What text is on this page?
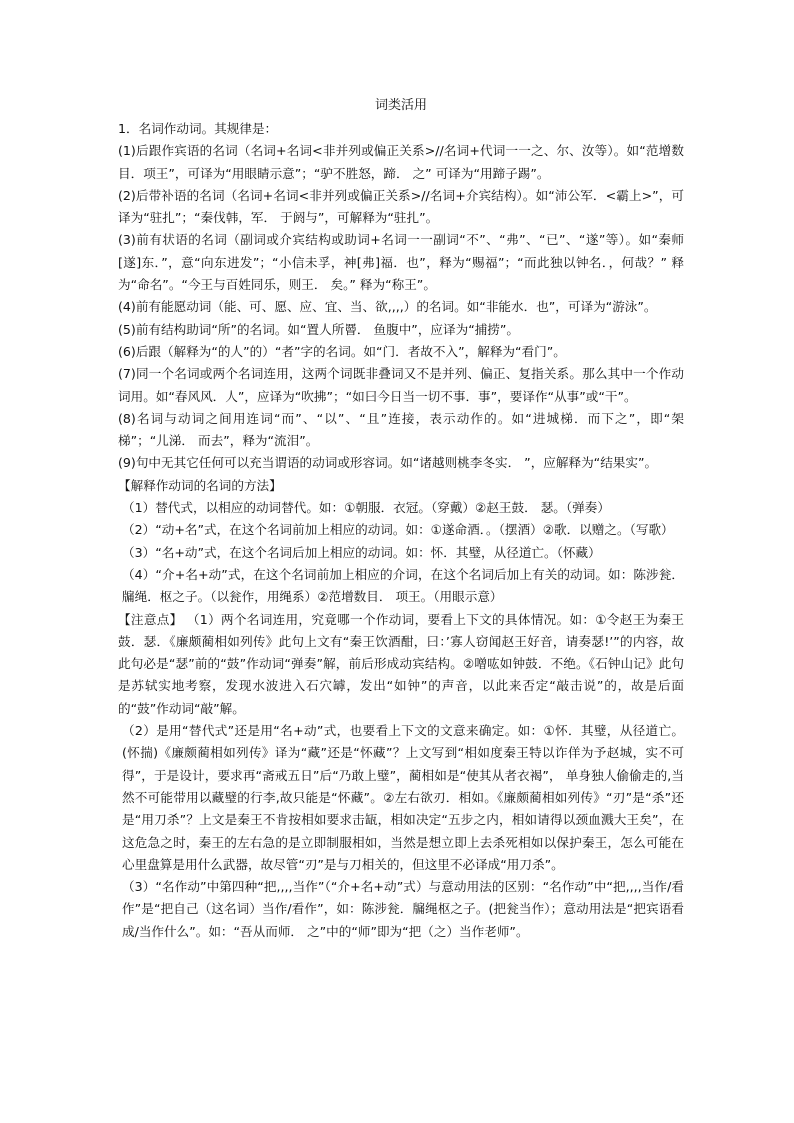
词类活用

1．名词作动词。其规律是：

(1)后跟作宾语的名词（名词+名词<非并列或偏正关系>//名词+代词一一之、尔、汝等）。如“范增数目．项王”，可译为“用眼睛示意”；“驴不胜怒，蹄． 之” 可译为“用蹄子踢”。

(2)后带补语的名词（名词+名词<非并列或偏正关系>//名词+介宾结构）。如“沛公军．<霸上>”，可译为“驻扎”；“秦伐韩，军． 于阏与”，可解释为“驻扎”。

(3)前有状语的名词（副词或介宾结构或助词+名词一一副词“不”、“弗”、“已”、“遂”等）。如“秦师[遂]东．”，意“向东进发”；“小信未孚，神[弗]福．也”，释为“赐福”；“而此独以钟名．，何哉？” 释为“命名”。“今王与百姓同乐，则王． 矣。” 释为“称王”。

(4)前有能愿动词（能、可、愿、应、宜、当、欲,,,,）的名词。如“非能水．也”，可译为“游泳”。

(5)前有结构助词“所”的名词。如“置人所罾． 鱼腹中”，应译为“捕捞”。

(6)后跟（解释为“的人”的）“者”字的名词。如“门．者故不入”，解释为“看门”。

(7)同一个名词或两个名词连用，这两个词既非叠词又不是并列、偏正、复指关系。那么其中一个作动词用。如“春风风．人”，应译为“吹拂”；“如曰今日当一切不事．事”，要译作“从事”或“干”。

(8)名词与动词之间用连词“而”、“以”、“且”连接，表示动作的。如“进城梯．而下之”，即“架梯”；“儿涕． 而去”，释为“流泪”。

(9)句中无其它任何可以充当谓语的动词或形容词。如“诸越则桃李冬实． ”，应解释为“结果实”。

【解释作动词的名词的方法】

（1）替代式，以相应的动词替代。如：①朝服．衣冠。（穿戴）②赵王鼓． 瑟。（弹奏）

（2）“动+名”式，在这个名词前加上相应的动词。如：①遂命酒．。（摆酒）②歌．以赠之。（写歌）

（3）“名+动”式，在这个名词后加上相应的动词。如：怀．其璧，从径道亡。（怀藏）

（4）“介+名+动”式，在这个名词前加上相应的介词，在这个名词后加上有关的动词。如：陈涉瓮．牖绳．枢之子。（以瓮作，用绳系）②范增数目． 项王。（用眼示意）

【注意点】 （1）两个名词连用，究竟哪一个作动词，要看上下文的具体情况。如：①令赵王为秦王鼓．瑟．《廉颇蔺相如列传》此句上文有“秦王饮酒酣，曰：’寡人窃闻赵王好音，请奏瑟!’”的内容，故此句必是“瑟”前的“鼓”作动词“弹奏”解，前后形成动宾结构。②噌吰如钟鼓．不绝。《石钟山记》此句是苏轼实地考察，发现水波进入石穴罅，发出“如钟”的声音，以此来否定“敲击说”的，故是后面的“鼓”作动词“敲”解。

（2）是用“替代式”还是用“名+动”式，也要看上下文的文意来确定。如：①怀．其璧，从径道亡。(怀揣)《廉颇蔺相如列传》译为“藏”还是“怀藏”？上文写到“相如度秦王特以诈佯为予赵城，实不可得”，于是设计，要求再“斋戒五日”后“乃敢上璧”，蔺相如是“使其从者衣褐”， 单身独人偷偷走的,当然不可能带用以藏璧的行李,故只能是“怀藏”。②左右欲刃．相如。《廉颇蔺相如列传》“刃”是“杀”还是“用刀杀”？上文是秦王不肯按相如要求击缻，相如决定“五步之内，相如请得以颈血溅大王矣”，在这危急之时，秦王的左右急的是立即制服相如，当然是想立即上去杀死相如以保护秦王，怎么可能在心里盘算是用什么武器，故尽管“刃”是与刀相关的，但这里不必译成“用刀杀”。

（3）“名作动”中第四种“把,,,,当作”（“介+名+动”式）与意动用法的区别：“名作动”中“把,,,,当作/看作”是“把自己（这名词）当作/看作”，如：陈涉瓮．牖绳枢之子。(把瓮当作）；意动用法是“把宾语看成/当作什么”。如：“吾从而师． 之”中的“师”即为“把（之）当作老师”。
